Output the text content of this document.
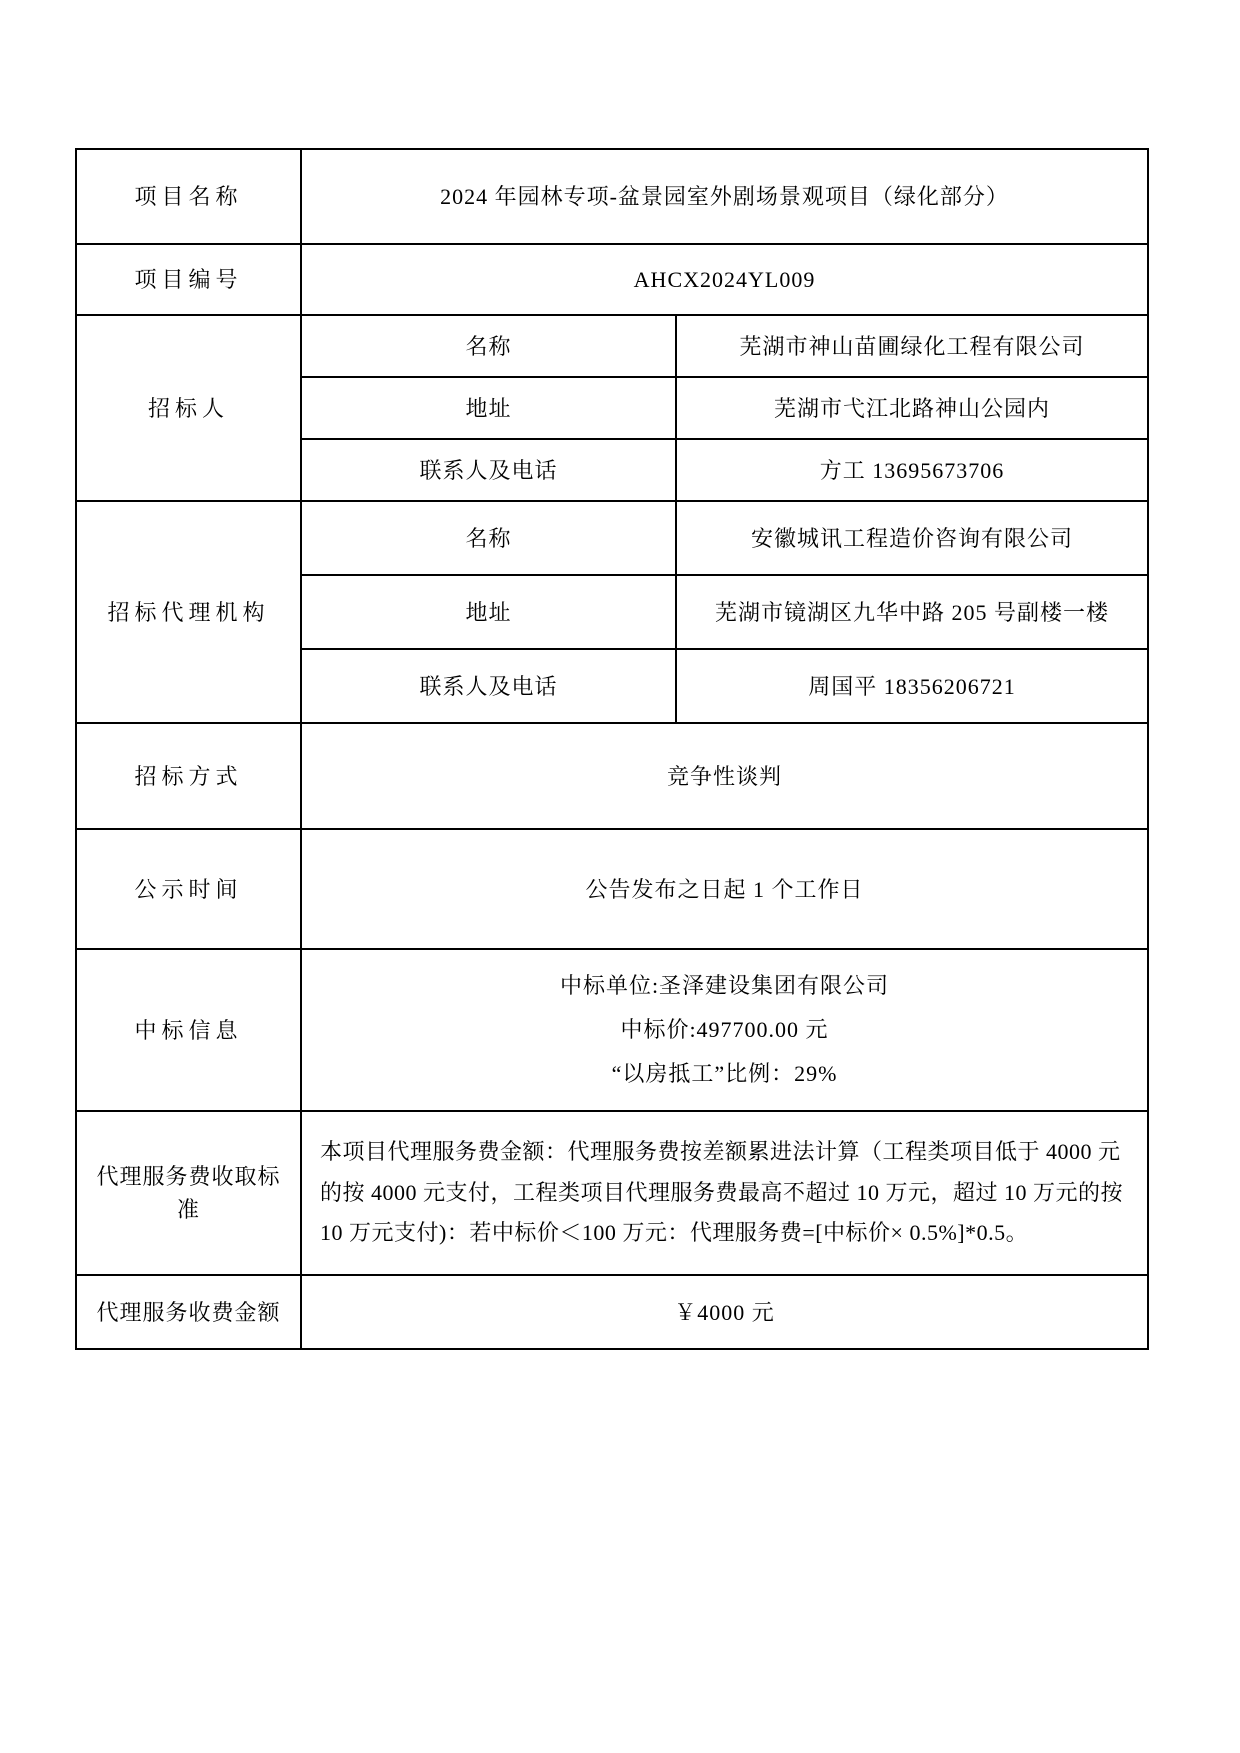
项目名称	2024 年园林专项-盆景园室外剧场景观项目（绿化部分）	
项目编号	AHCX2024YL009	
招标人	名称	芜湖市神山苗圃绿化工程有限公司
	地址	芜湖市弋江北路神山公园内
	联系人及电话	方工 13695673706
招标代理机构	名称	安徽城讯工程造价咨询有限公司
	地址	芜湖市镜湖区九华中路 205 号副楼一楼
	联系人及电话	周国平 18356206721
招标方式	竞争性谈判	
公示时间	公告发布之日起 1 个工作日	
中标信息	中标单位:圣泽建设集团有限公司
中标价:497700.00 元
“以房抵工”比例：29%	

代理服务费收取标准	本项目代理服务费金额：代理服务费按差额累进法计算（工程类项目低于 4000 元的按 4000 元支付，工程类项目代理服务费最高不超过 10 万元，超过 10 万元的按 10 万元支付)：若中标价＜100 万元：代理服务费=[中标价× 0.5%]*0.5。	
代理服务收费金额	￥4000 元	
